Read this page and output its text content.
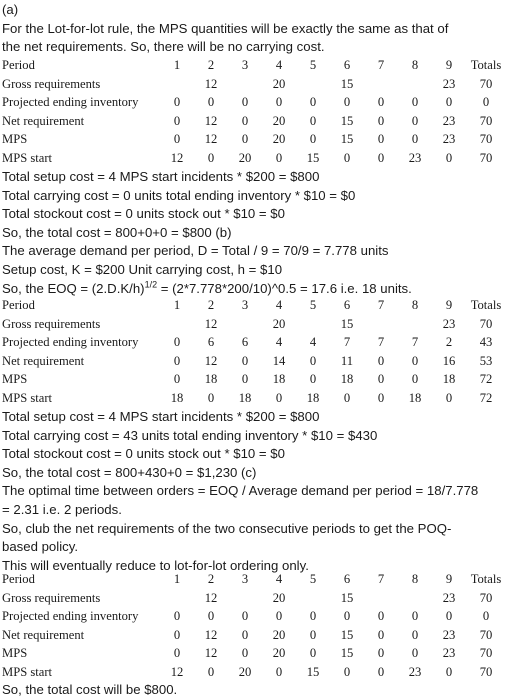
(a)
For the Lot-for-lot rule, the MPS quantities will be exactly the same as that of
the net requirements. So, there will be no carrying cost.
Period	1	2	3	4	5	6	7	8	9	Totals
Gross requirements		12		20		15			23	70
Projected ending inventory	0	0	0	0	0	0	0	0	0	0
Net requirement	0	12	0	20	0	15	0	0	23	70
MPS	0	12	0	20	0	15	0	0	23	70
MPS start	12	0	20	0	15	0	0	23	0	70
Total setup cost = 4 MPS start incidents * $200 = $800
Total carrying cost = 0 units total ending inventory * $10 = $0
Total stockout cost = 0 units stock out * $10 = $0
So, the total cost = 800+0+0 = $800 (b)
The average demand per period, D = Total / 9 = 70/9 = 7.778 units
Setup cost, K = $200 Unit carrying cost, h = $10
So, the EOQ = $(2.D.K/h)^{1/2}$ = (2*7.778*200/10)^0.5 = 17.6 i.e. 18 units.
Period	1	2	3	4	5	6	7	8	9	Totals
Gross requirements		12		20		15			23	70
Projected ending inventory	0	6	6	4	4	7	7	7	2	43
Net requirement	0	12	0	14	0	11	0	0	16	53
MPS	0	18	0	18	0	18	0	0	18	72
MPS start	18	0	18	0	18	0	0	18	0	72
Total setup cost = 4 MPS start incidents * $200 = $800
Total carrying cost = 43 units total ending inventory * $10 = $430
Total stockout cost = 0 units stock out * $10 = $0
So, the total cost = 800+430+0 = $1,230 (c)
The optimal time between orders = EOQ / Average demand per period = 18/7.778
= 2.31 i.e. 2 periods.
So, club the net requirements of the two consecutive periods to get the POQ-
based policy.
This will eventually reduce to lot-for-lot ordering only.
Period	1	2	3	4	5	6	7	8	9	Totals
Gross requirements		12		20		15			23	70
Projected ending inventory	0	0	0	0	0	0	0	0	0	0
Net requirement	0	12	0	20	0	15	0	0	23	70
MPS	0	12	0	20	0	15	0	0	23	70
MPS start	12	0	20	0	15	0	0	23	0	70
So, the total cost will be $800.
